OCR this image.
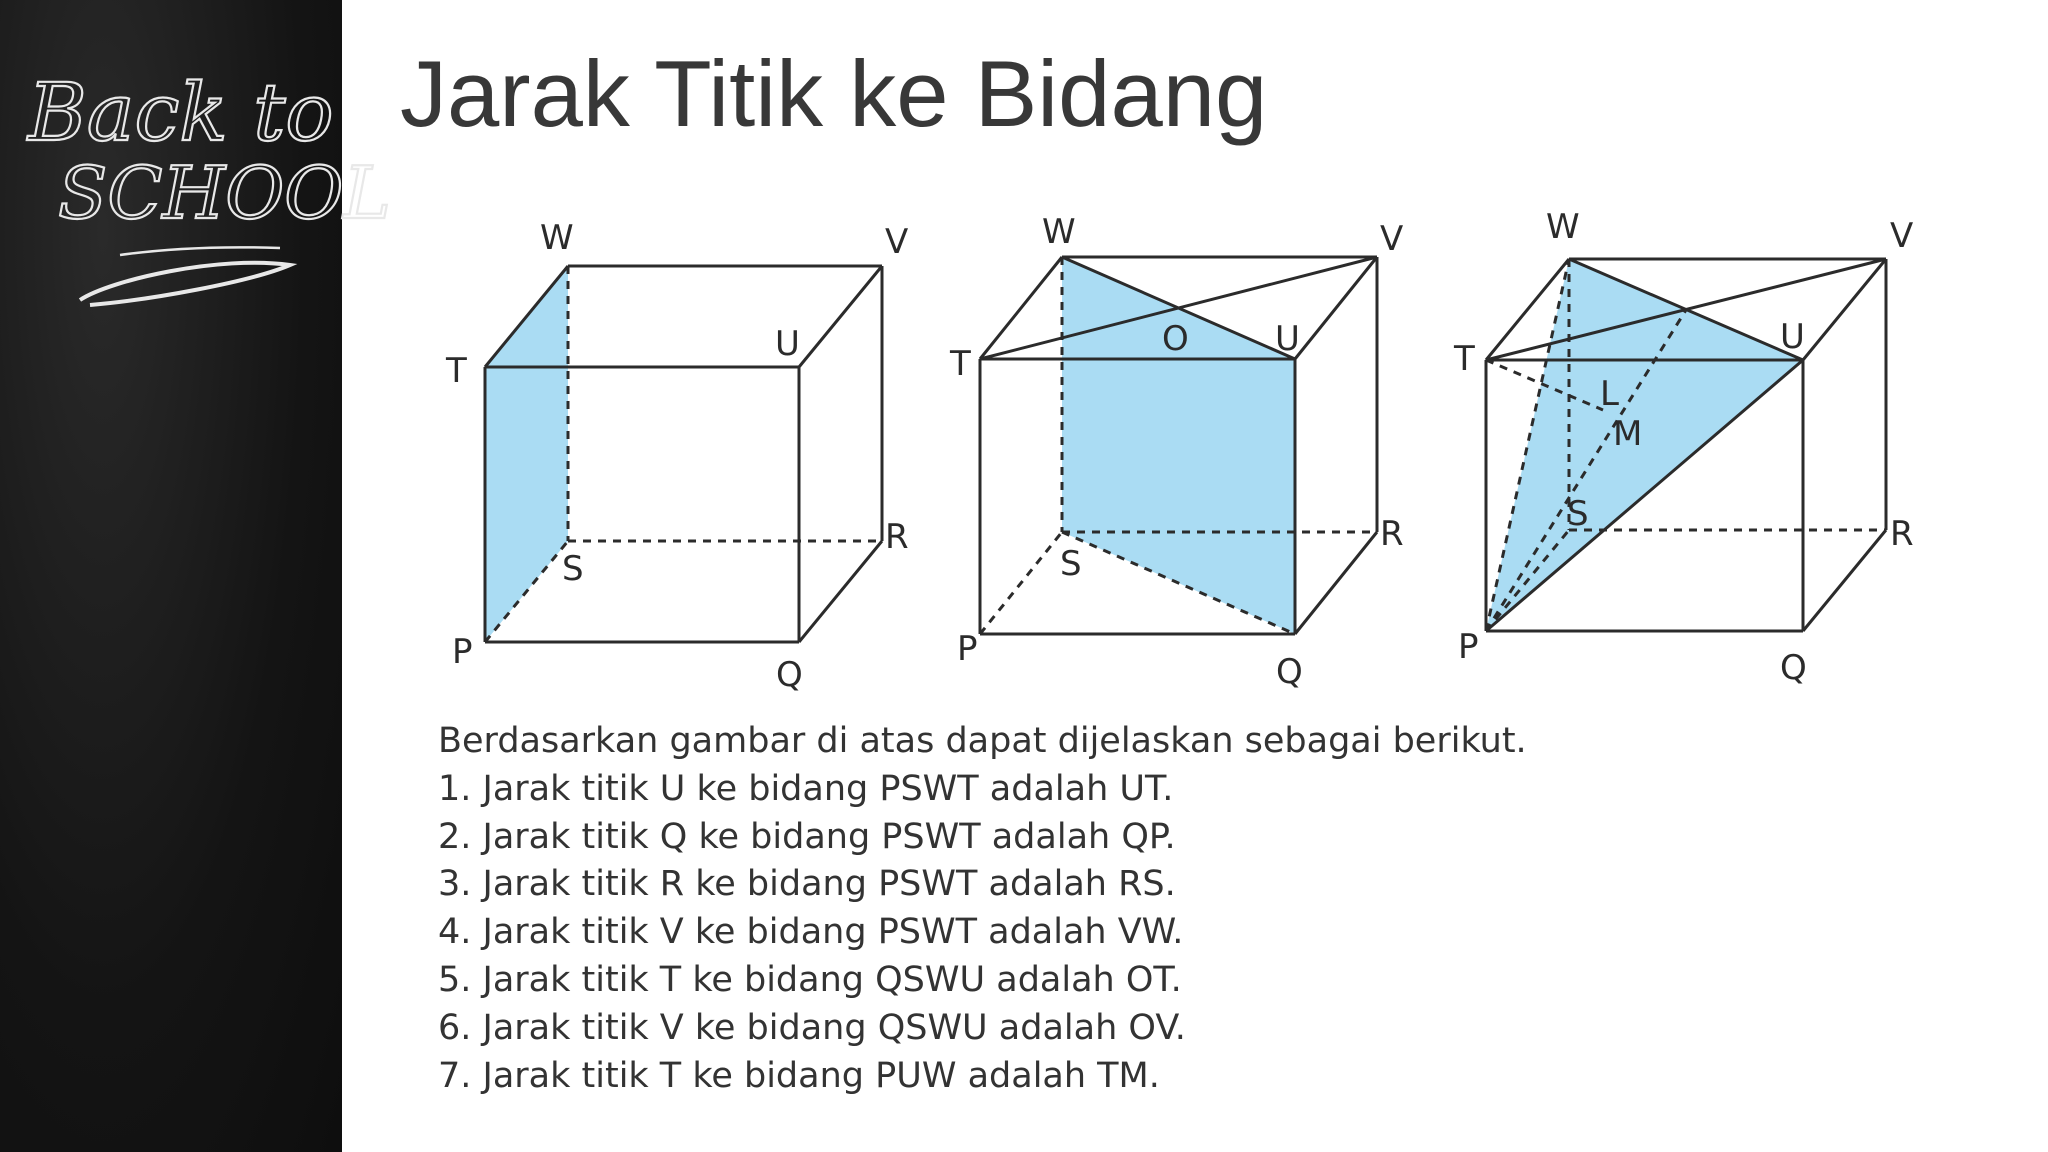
Back to
SCHOOL
Jarak Titik ke Bidang
W	V
T
U
S
R
P
Q
W	V
T
O	U
S
R
P
Q
W	V
T
U
L
M
S	R
P
Q
Berdasarkan gambar di atas dapat dijelaskan sebagai berikut.
1. Jarak titik U ke bidang PSWT adalah UT.
2. Jarak titik Q ke bidang PSWT adalah QP.
3. Jarak titik R ke bidang PSWT adalah RS.
4. Jarak titik V ke bidang PSWT adalah VW.
5. Jarak titik T ke bidang QSWU adalah OT.
6. Jarak titik V ke bidang QSWU adalah OV.
7. Jarak titik T ke bidang PUW adalah TM.
